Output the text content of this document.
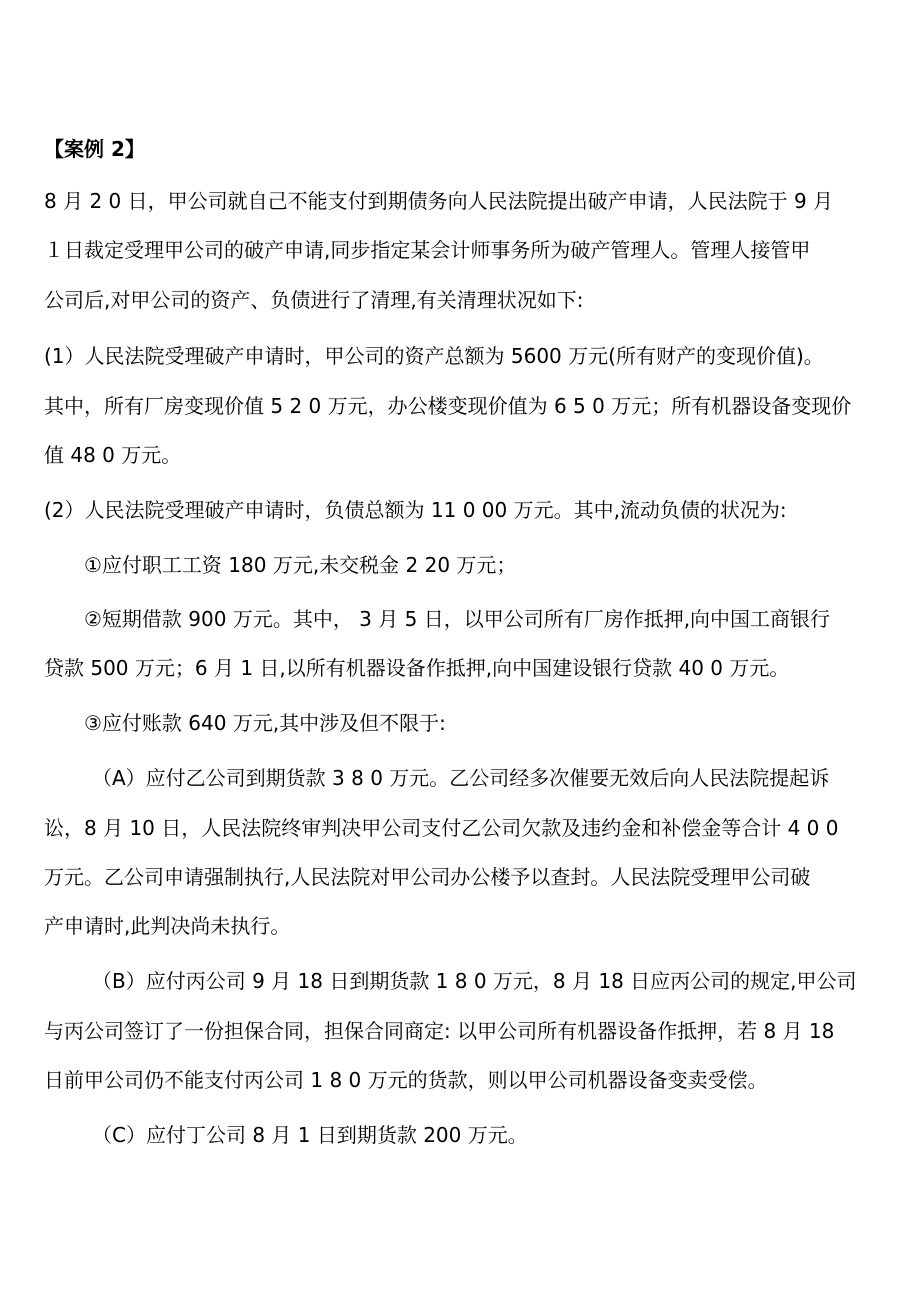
【案例 2】
8 月 2 0 日，甲公司就自己不能支付到期债务向人民法院提出破产申请，人民法院于 9 月
１日裁定受理甲公司的破产申请,同步指定某会计师事务所为破产管理人。管理人接管甲
公司后,对甲公司的资产、负债进行了清理,有关清理状况如下:
(1）人民法院受理破产申请时，甲公司的资产总额为 5600 万元(所有财产的变现价值)。
其中，所有厂房变现价值 5 2 0 万元，办公楼变现价值为 6 5 0 万元；所有机器设备变现价
值 48 0 万元。
(2）人民法院受理破产申请时，负债总额为 11 0 00 万元。其中,流动负债的状况为:
①应付职工工资 180 万元,未交税金 2 20 万元；
②短期借款 900 万元。其中， 3 月 5 日，以甲公司所有厂房作抵押,向中国工商银行
贷款 500 万元；6 月 1 日,以所有机器设备作抵押,向中国建设银行贷款 40 0 万元。
③应付账款 640 万元,其中涉及但不限于:
（A）应付乙公司到期货款 3 8 0 万元。乙公司经多次催要无效后向人民法院提起诉
讼，8 月 10 日，人民法院终审判决甲公司支付乙公司欠款及违约金和补偿金等合计 4 0 0
万元。乙公司申请强制执行,人民法院对甲公司办公楼予以查封。人民法院受理甲公司破
产申请时,此判决尚未执行。
（B）应付丙公司 9 月 18 日到期货款 1 8 0 万元，8 月 18 日应丙公司的规定,甲公司
与丙公司签订了一份担保合同，担保合同商定: 以甲公司所有机器设备作抵押，若 8 月 18
日前甲公司仍不能支付丙公司 1 8 0 万元的货款，则以甲公司机器设备变卖受偿。
（C）应付丁公司 8 月 1 日到期货款 200 万元。
